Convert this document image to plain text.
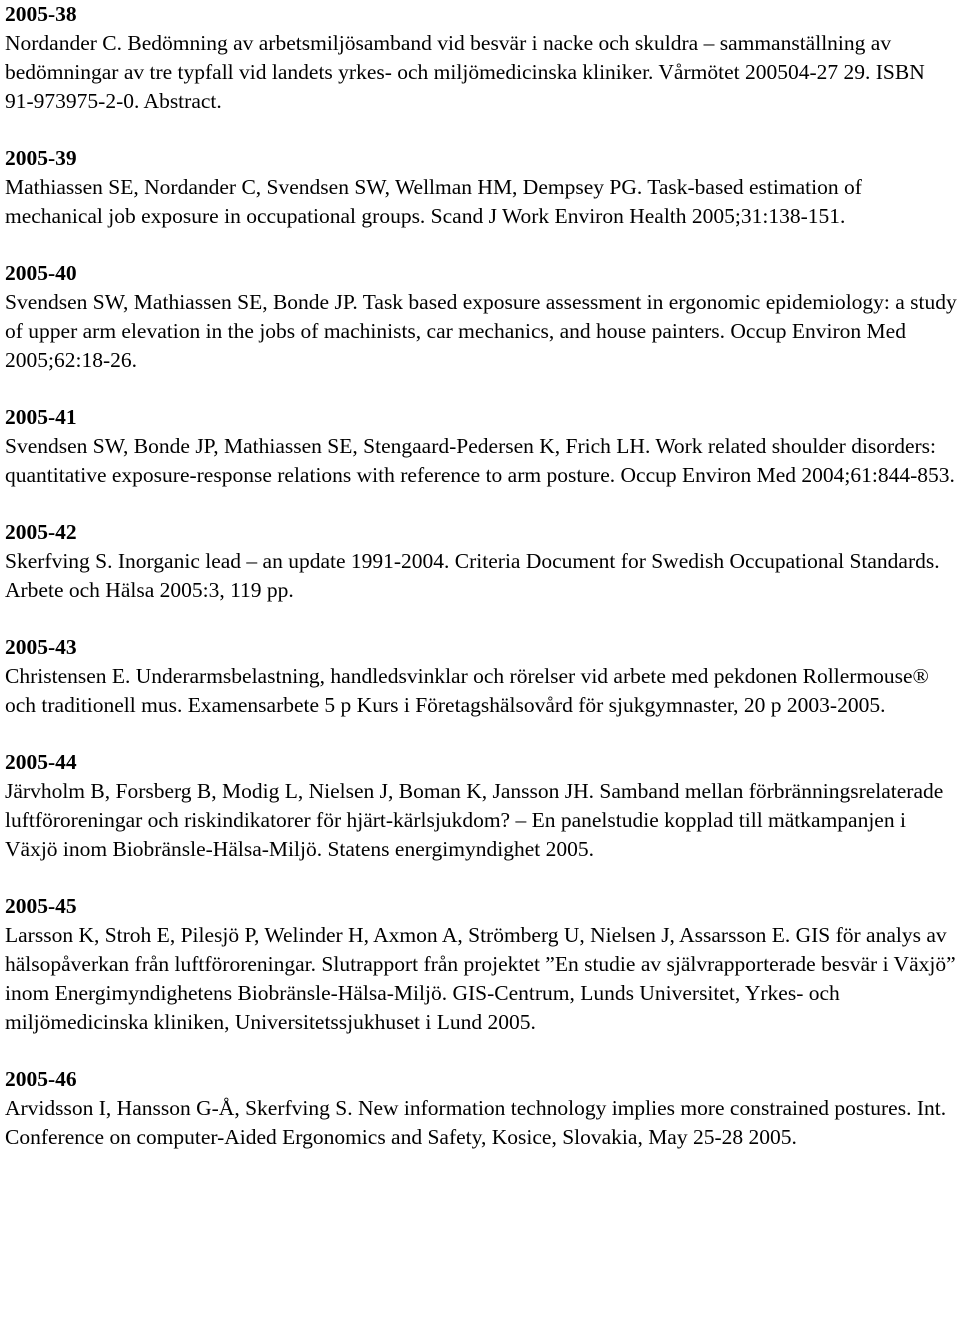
2005-38
Nordander C. Bedömning av arbetsmiljösamband vid besvär i nacke och skuldra – sammanställning av bedömningar av tre typfall vid landets yrkes- och miljömedicinska kliniker. Vårmötet 200504-27 29. ISBN 91-973975-2-0. Abstract.
2005-39
Mathiassen SE, Nordander C, Svendsen SW, Wellman HM, Dempsey PG. Task-based estimation of mechanical job exposure in occupational groups. Scand J Work Environ Health 2005;31:138-151.
2005-40
Svendsen SW, Mathiassen SE, Bonde JP. Task based exposure assessment in ergonomic epidemiology: a study of upper arm elevation in the jobs of machinists, car mechanics, and house painters. Occup Environ Med 2005;62:18-26.
2005-41
Svendsen SW, Bonde JP, Mathiassen SE, Stengaard-Pedersen K, Frich LH. Work related shoulder disorders: quantitative exposure-response relations with reference to arm posture. Occup Environ Med 2004;61:844-853.
2005-42
Skerfving S. Inorganic lead – an update 1991-2004. Criteria Document for Swedish Occupational Standards. Arbete och Hälsa 2005:3, 119 pp.
2005-43
Christensen E. Underarmsbelastning, handledsvinklar och rörelser vid arbete med pekdonen Rollermouse® och traditionell mus. Examensarbete 5 p Kurs i Företagshälsovård för sjukgymnaster, 20 p 2003-2005.
2005-44
Järvholm B, Forsberg B, Modig L, Nielsen J, Boman K, Jansson JH. Samband mellan förbränningsrelaterade luftföroreningar och riskindikatorer för hjärt-kärlsjukdom? – En panelstudie kopplad till mätkampanjen i Växjö inom Biobränsle-Hälsa-Miljö. Statens energimyndighet 2005.
2005-45
Larsson K, Stroh E, Pilesjö P, Welinder H, Axmon A, Strömberg U, Nielsen J, Assarsson E. GIS för analys av hälsopåverkan från luftföroreningar. Slutrapport från projektet ”En studie av självrapporterade besvär i Växjö” inom Energimyndighetens Biobränsle-Hälsa-Miljö. GIS-Centrum, Lunds Universitet, Yrkes- och miljömedicinska kliniken, Universitetssjukhuset i Lund 2005.
2005-46
Arvidsson I, Hansson G-Å, Skerfving S. New information technology implies more constrained postures. Int. Conference on computer-Aided Ergonomics and Safety, Kosice, Slovakia, May 25-28 2005.
